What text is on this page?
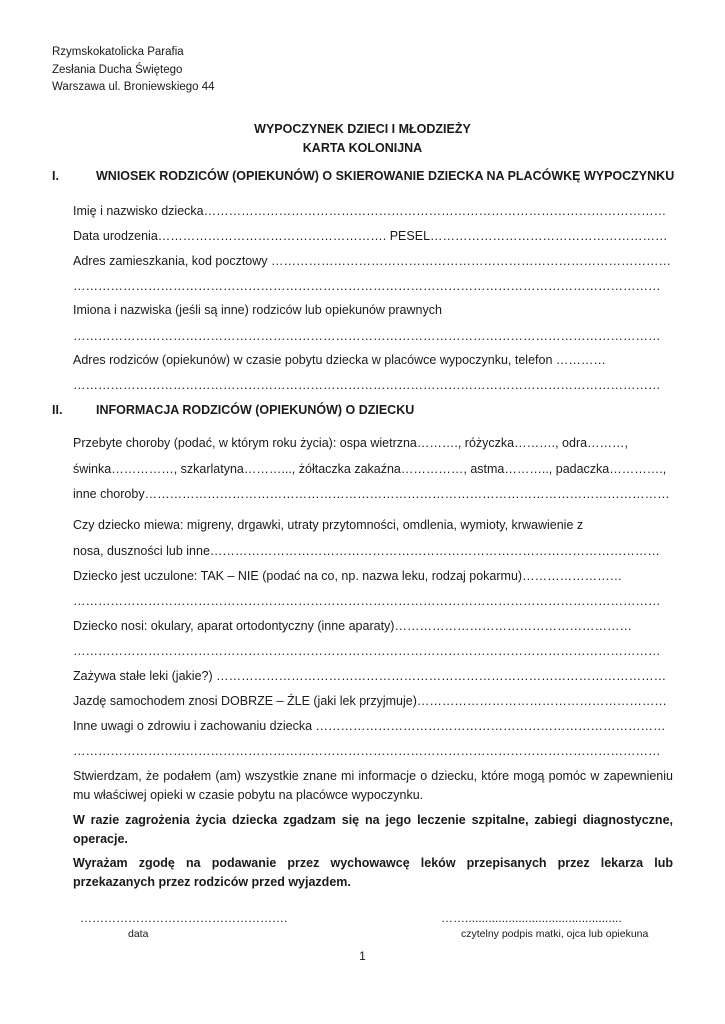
Rzymskokatolicka Parafia
Zesłania Ducha Świętego
Warszawa ul. Broniewskiego 44
WYPOCZYNEK DZIECI I MŁODZIEŻY
KARTA KOLONIJNA
I.	WNIOSEK RODZICÓW (OPIEKUNÓW) O SKIEROWANIE DZIECKA NA PLACÓWKĘ WYPOCZYNKU
Imię i nazwisko dziecka…………………………………………………………………………………………………
Data urodzenia………………………………………………. PESEL…………………………………………………
Adres zamieszkania, kod pocztowy ……………………………………………………………………………………
……………………………………………………………………………………………………………………………
Imiona i nazwiska (jeśli są inne) rodziców lub opiekunów prawnych
……………………………………………………………………………………………………………………………
Adres rodziców (opiekunów) w czasie pobytu dziecka w placówce wypoczynku, telefon …………
……………………………………………………………………………………………………………………………
II.	INFORMACJA RODZICÓW (OPIEKUNÓW) O DZIECKU
Przebyte choroby (podać, w którym roku życia): ospa wietrzna………., różyczka………., odra………,
świnka……………, szkarlatyna………..., żółtaczka zakaźna……………, astma……….., padaczka………….,
inne choroby………………………………………………………………………………………………………………
Czy dziecko miewa: migreny, drgawki, utraty przytomności, omdlenia, wymioty, krwawienie z
nosa, duszności lub inne………………………………………………………………………………………………
Dziecko jest uczulone: TAK – NIE (podać na co, np. nazwa leku, rodzaj pokarmu)……………………
……………………………………………………………………………………………………………………………
Dziecko nosi: okulary, aparat ortodontyczny (inne aparaty)…………………………………………………
……………………………………………………………………………………………………………………………
Zażywa stałe leki (jakie?) ………………………………………………………………………………………………
Jazdę samochodem znosi DOBRZE – ŹLE (jaki lek przyjmuje)……………………………………………………
Inne uwagi o zdrowiu i zachowaniu dziecka …………………………………………………………………………
……………………………………………………………………………………………………………………………
Stwierdzam, że podałem (am) wszystkie znane mi informacje o dziecku, które mogą pomóc w zapewnieniu mu właściwej opieki w czasie pobytu na placówce wypoczynku.
W razie zagrożenia życia dziecka zgadzam się na jego leczenie szpitalne, zabiegi diagnostyczne, operacje.
Wyrażam zgodę na podawanie przez wychowawcę leków przepisanych przez lekarza lub przekazanych przez rodziców przed wyjazdem.
…………………………………………….
data
……...............................................
czytelny podpis matki, ojca lub opiekuna
1
